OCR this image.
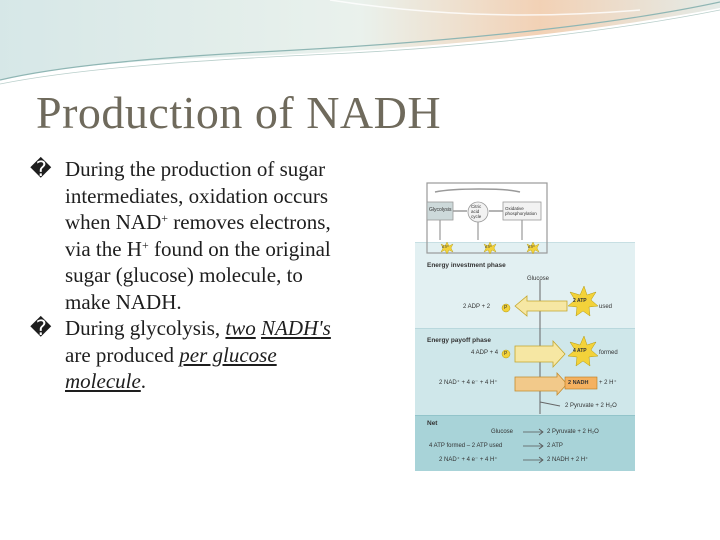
Production of NADH
� During the production of sugar intermediates, oxidation occurs when NAD+ removes electrons, via the H+ found on the original sugar (glucose) molecule, to make NADH.
� During glycolysis, two NADH's are produced per glucose molecule.
Glycolysis
Citric
acid
cycle
Oxidative
phosphorylation
ATP	ATP	ATP
Energy investment phase
Glucose
2 ADP + 2	P
2 ATP
used
Energy payoff phase
4 ADP + 4 P	4 ATP formed
2 NAD⁺ + 4 e⁻ + 4 H⁺	2 NADH + 2 H⁺
2 Pyruvate + 2 H₂O
Net
Glucose	2 Pyruvate + 2 H₂O
4 ATP formed – 2 ATP used	2 ATP
2 NAD⁺ + 4 e⁻ + 4 H⁺	2 NADH + 2 H⁺
